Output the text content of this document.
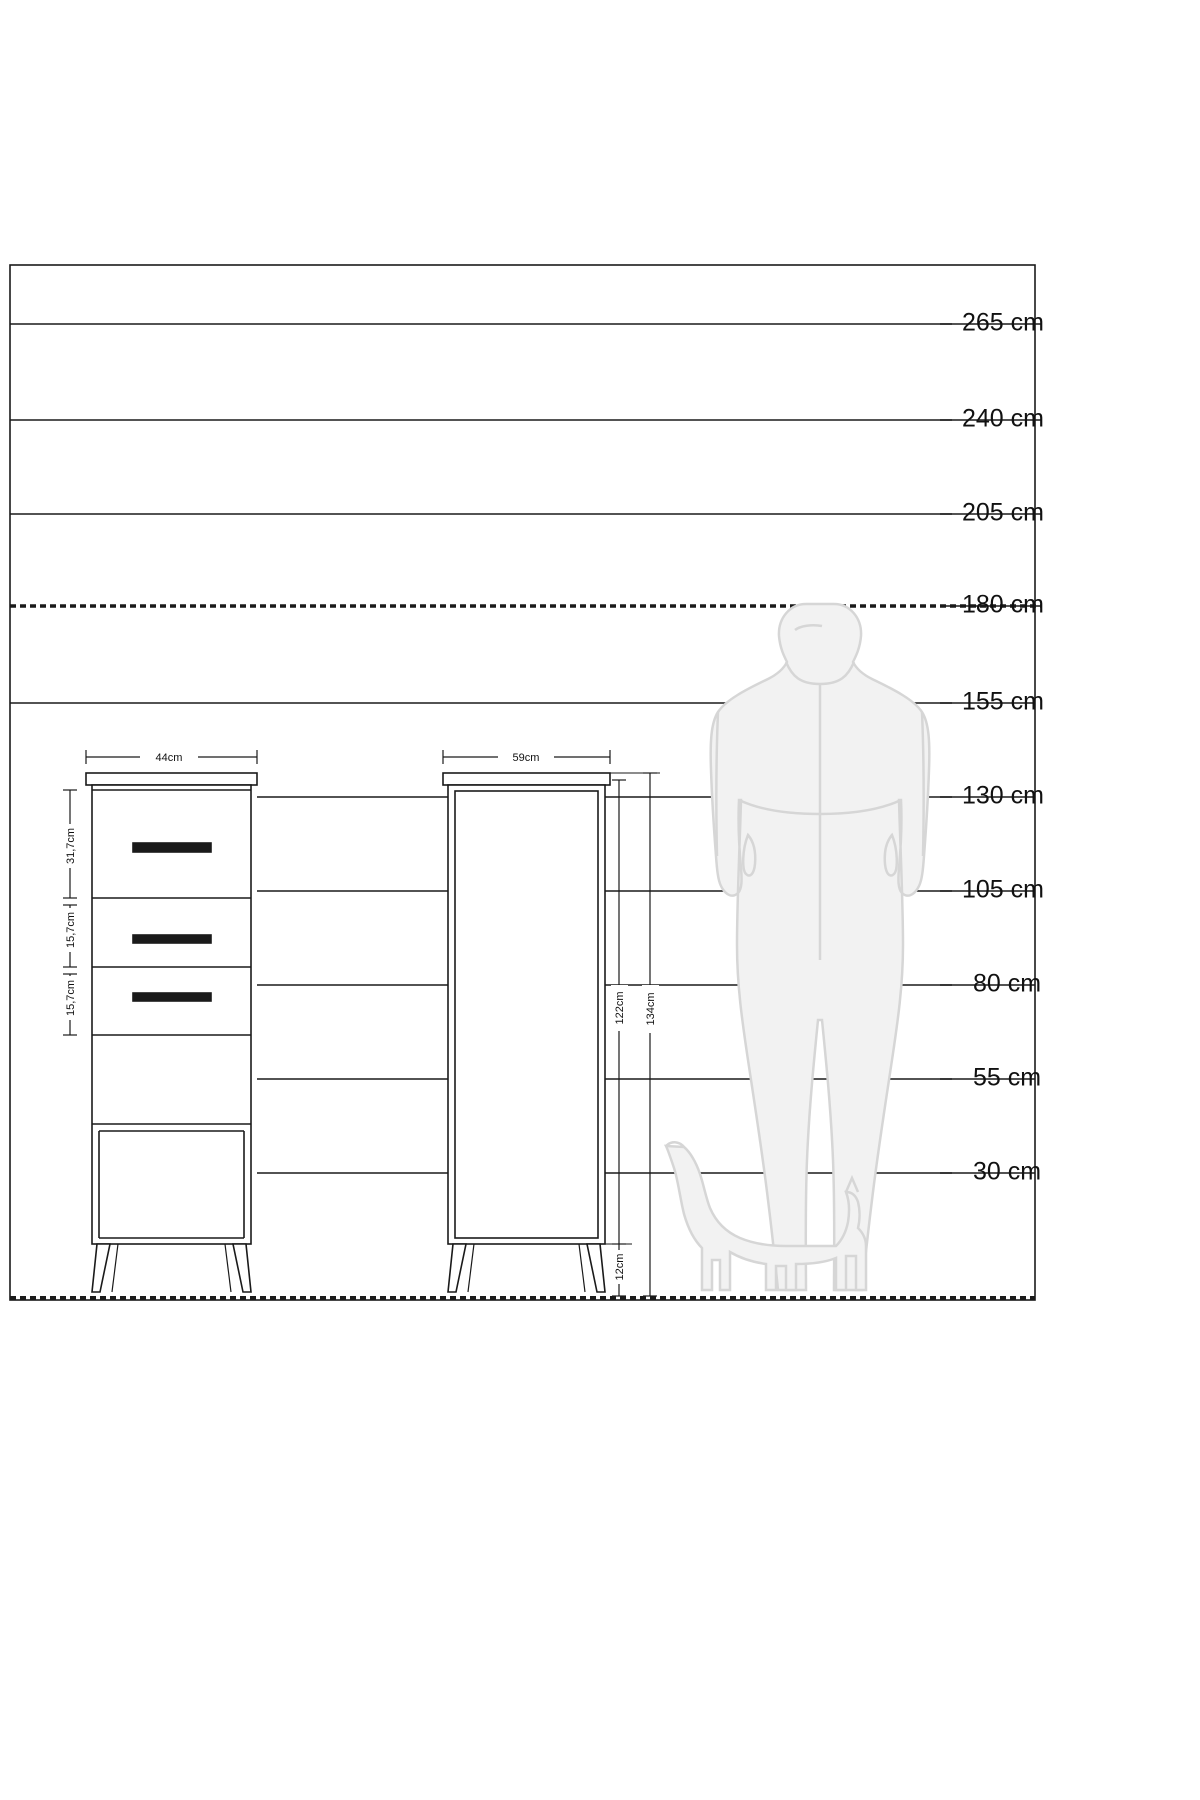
44cm
31,7cm
15,7cm
15,7cm
59cm
122cm
12cm
134cm
265 cm
240 cm
205 cm
180 cm
155 cm
130 cm
105 cm
80 cm
55 cm
30 cm
